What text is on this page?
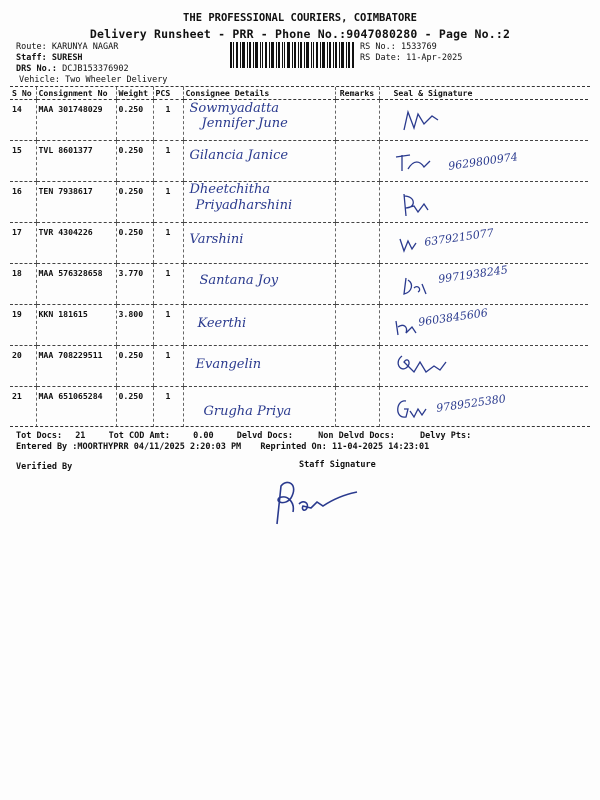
THE PROFESSIONAL COURIERS, COIMBATORE
Delivery Runsheet - PRR - Phone No.:9047080280 - Page No.:2
Route: KARUNYA NAGAR
Staff: SURESH
DRS No.: DCJB153376902
Vehicle: Two Wheeler Delivery
RS No.: 1533769
RS Date: 11-Apr-2025
S No	Consignment No	Weight	PCS	Consignee Details	Remarks	Seal & Signature
14	MAA 301748029	0.250	1	Sowmyadatta
Jennifer June

15	TVL 8601377	0.250	1	Gilancia Janice		9629800974

16	TEN 7938617	0.250	1	Dheetchitha
Priyadharshini

17	TVR 4304226	0.250	1	Varshini		6379215077

18	MAA 576328658	3.770	1	Santana Joy		9971938245

19	KKN 181615	3.800	1	Keerthi		9603845606

20	MAA 708229511	0.250	1	Evangelin

21	MAA 651065284	0.250	1	Grugha Priya		9789525380
Tot Docs: 21	Tot COD Amt:	0.00	Delvd Docs:	Non Delvd Docs:	Delvy Pts:
Entered By :MOORTHYPRR 04/11/2025 2:20:03 PM Reprinted On: 11-04-2025 14:23:01
Verified By	Staff Signature
